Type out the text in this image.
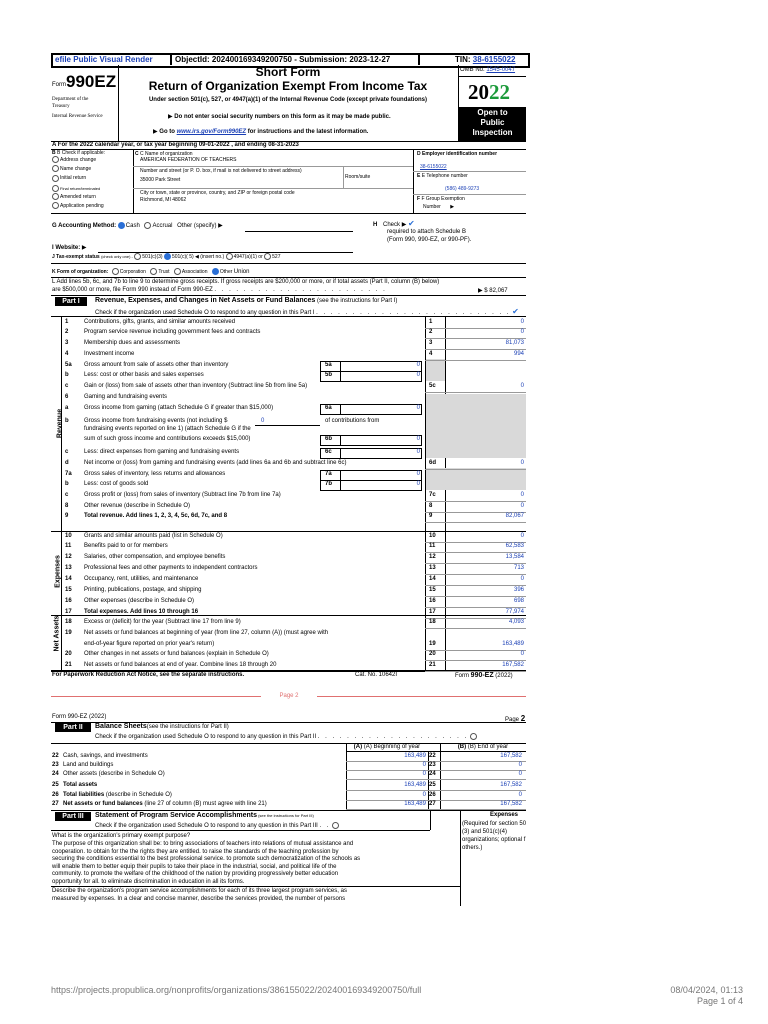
efile Public Visual Render	ObjectId: 202400169349200750 - Submission: 2023-12-27	TIN: 38-6155022
Form 990EZ
Department of the
Treasury
Internal Revenue Service
Short Form
Return of Organization Exempt From Income Tax
Under section 501(c), 527, or 4947(a)(1) of the Internal Revenue Code (except private foundations)
▶ Do not enter social security numbers on this form as it may be made public.
▶ Go to www.irs.gov/Form990EZ for instructions and the latest information.
OMB No. 1545-0047
2022
Open to
Public
Inspection
A For the 2022 calendar year, or tax year beginning 09-01-2022 , and ending 08-31-2023
B B Check if applicable:
Address change
Name change
Initial return
Final return/terminated
Amended return
Application pending
C C Name of organization
AMERICAN FEDERATION OF TEACHERS
Number and street (or P. O. box, if mail is not delivered to street address)
Room/suite
35000 Park Street
City or town, state or province, country, and ZIP or foreign postal code
Richmond, MI 48062
D Employer identification number
38-6155022
E E Telephone number
(586) 489-9273
F F Group Exemption
Number ▶
G Accounting Method: Cash Accrual Other (specify) ▶	H Check ▶ ✔
required to attach Schedule B
(Form 990, 990-EZ, or 990-PF).
I Website: ▶
J Tax-exempt status (check only one) - 501(c)(3) 501(c)( 5) ◀ (insert no.) 4947(a)(1) or 527
K Form of organization: Corporation Trust Association Other Union
L Add lines 5b, 6c, and 7b to line 9 to determine gross receipts. If gross receipts are $200,000 or more, or if total assets (Part II, column (B) below)
are $500,000 or more, file Form 990 instead of Form 990-EZ . . . . . . . . . . . . . . . . . . . . . . . .	▶ $ 82,067
Part I	Revenue, Expenses, and Changes in Net Assets or Fund Balances (see the instructions for Part I)
Check if the organization used Schedule O to respond to any question in this Part I . . . . . . . . . . . . . . . . . . . . . . . . . . . ✔
Revenue
Expenses
Net Assets
1	Contributions, gifts, grants, and similar amounts received	1	0
2	Program service revenue including government fees and contracts	2	0
3	Membership dues and assessments	3	81,073
4	Investment income	4	994
5a Gross amount from sale of assets other than inventory	5a	0
b	Less: cost or other basis and sales expenses	5b	0
c	Gain or (loss) from sale of assets other than inventory (Subtract line 5b from line 5a)	5c	0
6	Gaming and fundraising events
a	Gross income from gaming (attach Schedule G if greater than $15,000)	6a	0
b	Gross income from fundraising events (not including $	0	of contributions from
fundraising events reported on line 1) (attach Schedule G if the
sum of such gross income and contributions exceeds $15,000)	6b	0
c	Less: direct expenses from gaming and fundraising events	6c	0
d	Net income or (loss) from gaming and fundraising events (add lines 6a and 6b and subtract line 6c)	6d	0
7a Gross sales of inventory, less returns and allowances	7a	0
b	Less: cost of goods sold	7b	0
c	Gross profit or (loss) from sales of inventory (Subtract line 7b from line 7a)	7c	0
8	Other revenue (describe in Schedule O)	8	0
9	Total revenue. Add lines 1, 2, 3, 4, 5c, 6d, 7c, and 8	9	82,067
10 Grants and similar amounts paid (list in Schedule O)	10	0
11 Benefits paid to or for members	11	62,583
12 Salaries, other compensation, and employee benefits	12	13,584
13 Professional fees and other payments to independent contractors	13	713
14 Occupancy, rent, utilities, and maintenance	14	0
15 Printing, publications, postage, and shipping	15	396
16 Other expenses (describe in Schedule O)	16	698
17 Total expenses. Add lines 10 through 16	17	77,974
18 Excess or (deficit) for the year (Subtract line 17 from line 9)	18	4,093
19 Net assets or fund balances at beginning of year (from line 27, column (A)) (must agree with
end-of-year figure reported on prior year's return)	19	163,489
20 Other changes in net assets or fund balances (explain in Schedule O)	20	0
21 Net assets or fund balances at end of year. Combine lines 18 through 20	21	167,582
For Paperwork Reduction Act Notice, see the separate instructions.	Cat. No. 10642I	Form 990-EZ (2022)
Page 2
Form 990-EZ (2022)	Page 2
Part II	Balance Sheets(see the instructions for Part II)
Check if the organization used Schedule O to respond to any question in this Part II . . . . . . . . . . . . . . . . . . . . .
(A) (A) Beginning of year	(B) (B) End of year
22 Cash, savings, and investments	163,489 22	167,582
23 Land and buildings	0 23	0
24 Other assets (describe in Schedule O)	0 24	0
25 Total assets	163,489 25	167,582
26 Total liabilities (describe in Schedule O)	0 26	0
27 Net assets or fund balances (line 27 of column (B) must agree with line 21)	163,489 27	167,582
Part III	Statement of Program Service Accomplishments (see the instructions for Part III)
Check if the organization used Schedule O to respond to any question in this Part III . .
Expenses
(Required for section 50
(3) and 501(c)(4)
organizations; optional f
others.)
What is the organization's primary exempt purpose?
The purpose of this organization shall be: to bring associations of teachers into relations of mutual assistance and
cooperation. to obtain for the the rights they are entitled. to raise the standards of the teaching profession by
securing the conditions essential to the best professional service. to promote such democratization of the schools as
will enable them to better equip their pupils to take their place in the industrial, social, and political life of the
community. to promote the welfare of the childhood of the nation by providing progressively better education
opportunity for all. to eliminate discrimination in education in all its forms.
Describe the organization's program service accomplishments for each of its three largest program services, as
measured by expenses. In a clear and concise manner, describe the services provided, the number of persons
https://projects.propublica.org/nonprofits/organizations/386155022/202400169349200750/full	08/04/2024, 01:13
Page 1 of 4
